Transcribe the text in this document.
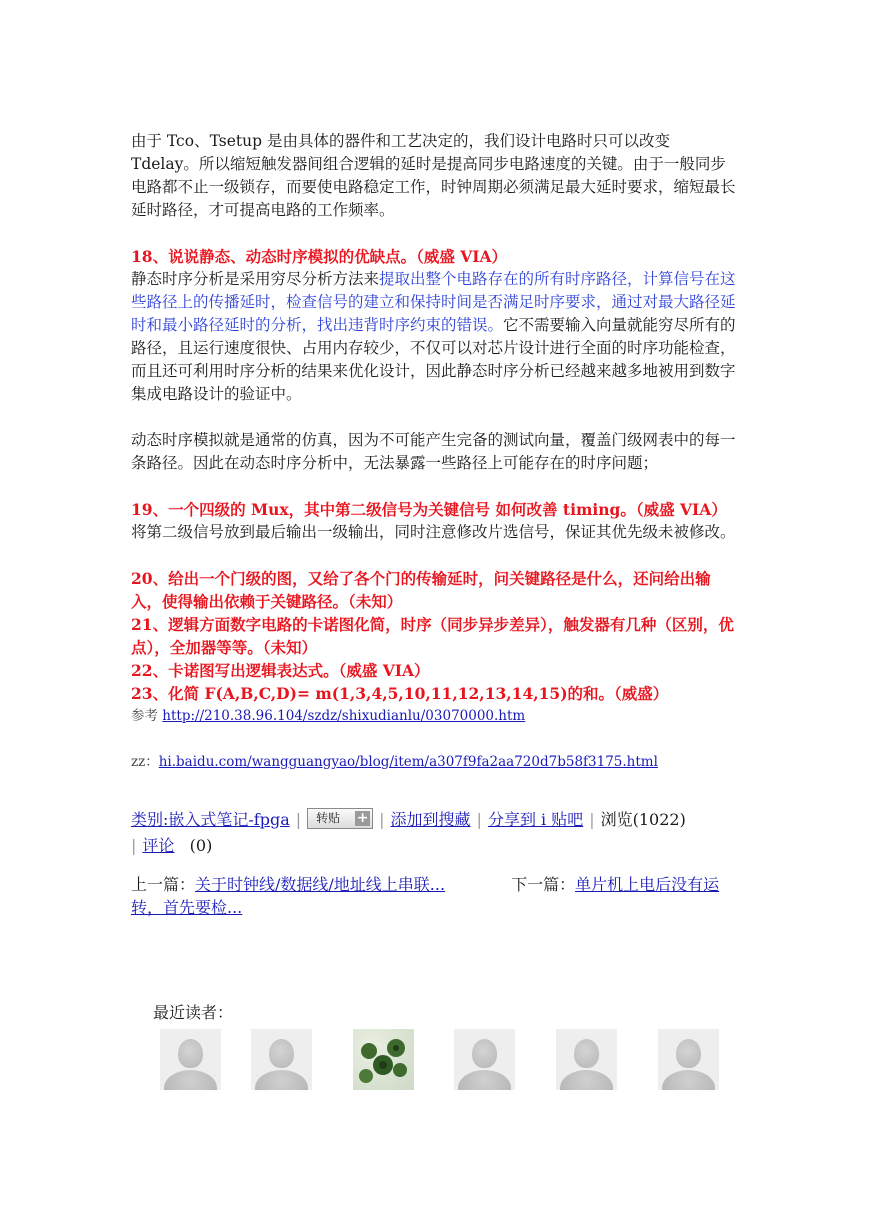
由于 Tco、Tsetup 是由具体的器件和工艺决定的，我们设计电路时只可以改变 Tdelay。所以缩短触发器间组合逻辑的延时是提高同步电路速度的关键。由于一般同步电路都不止一级锁存，而要使电路稳定工作，时钟周期必须满足最大延时要求，缩短最长延时路径，才可提高电路的工作频率。

18、说说静态、动态时序模拟的优缺点。（威盛 VIA）

静态时序分析是采用穷尽分析方法来提取出整个电路存在的所有时序路径，计算信号在这些路径上的传播延时，检查信号的建立和保持时间是否满足时序要求，通过对最大路径延时和最小路径延时的分析，找出违背时序约束的错误。它不需要输入向量就能穷尽所有的路径，且运行速度很快、占用内存较少，不仅可以对芯片设计进行全面的时序功能检查，而且还可利用时序分析的结果来优化设计，因此静态时序分析已经越来越多地被用到数字集成电路设计的验证中。

动态时序模拟就是通常的仿真，因为不可能产生完备的测试向量，覆盖门级网表中的每一条路径。因此在动态时序分析中，无法暴露一些路径上可能存在的时序问题；

19、一个四级的 Mux，其中第二级信号为关键信号 如何改善 timing。（威盛 VIA）

将第二级信号放到最后输出一级输出，同时注意修改片选信号，保证其优先级未被修改。

20、给出一个门级的图，又给了各个门的传输延时，问关键路径是什么，还问给出输入，使得输出依赖于关键路径。（未知）

21、逻辑方面数字电路的卡诺图化简，时序（同步异步差异），触发器有几种（区别，优点），全加器等等。（未知）

22、卡诺图写出逻辑表达式。（威盛 VIA）

23、化简 F(A,B,C,D)= m(1,3,4,5,10,11,12,13,14,15)的和。（威盛）

参考 http://210.38.96.104/szdz/shixudianlu/03070000.htm

zz：hi.baidu.com/wangguangyao/blog/item/a307f9fa2aa720d7b58f3175.html

类别:嵌入式笔记-fpga | 转贴 + | 添加到搜藏 | 分享到 i 贴吧 | 浏览(1022)
| 评论 (0)
上一篇：关于时钟线/数据线/地址线上串联...	下一篇：单片机上电后没有运转，首先要检...
最近读者：
